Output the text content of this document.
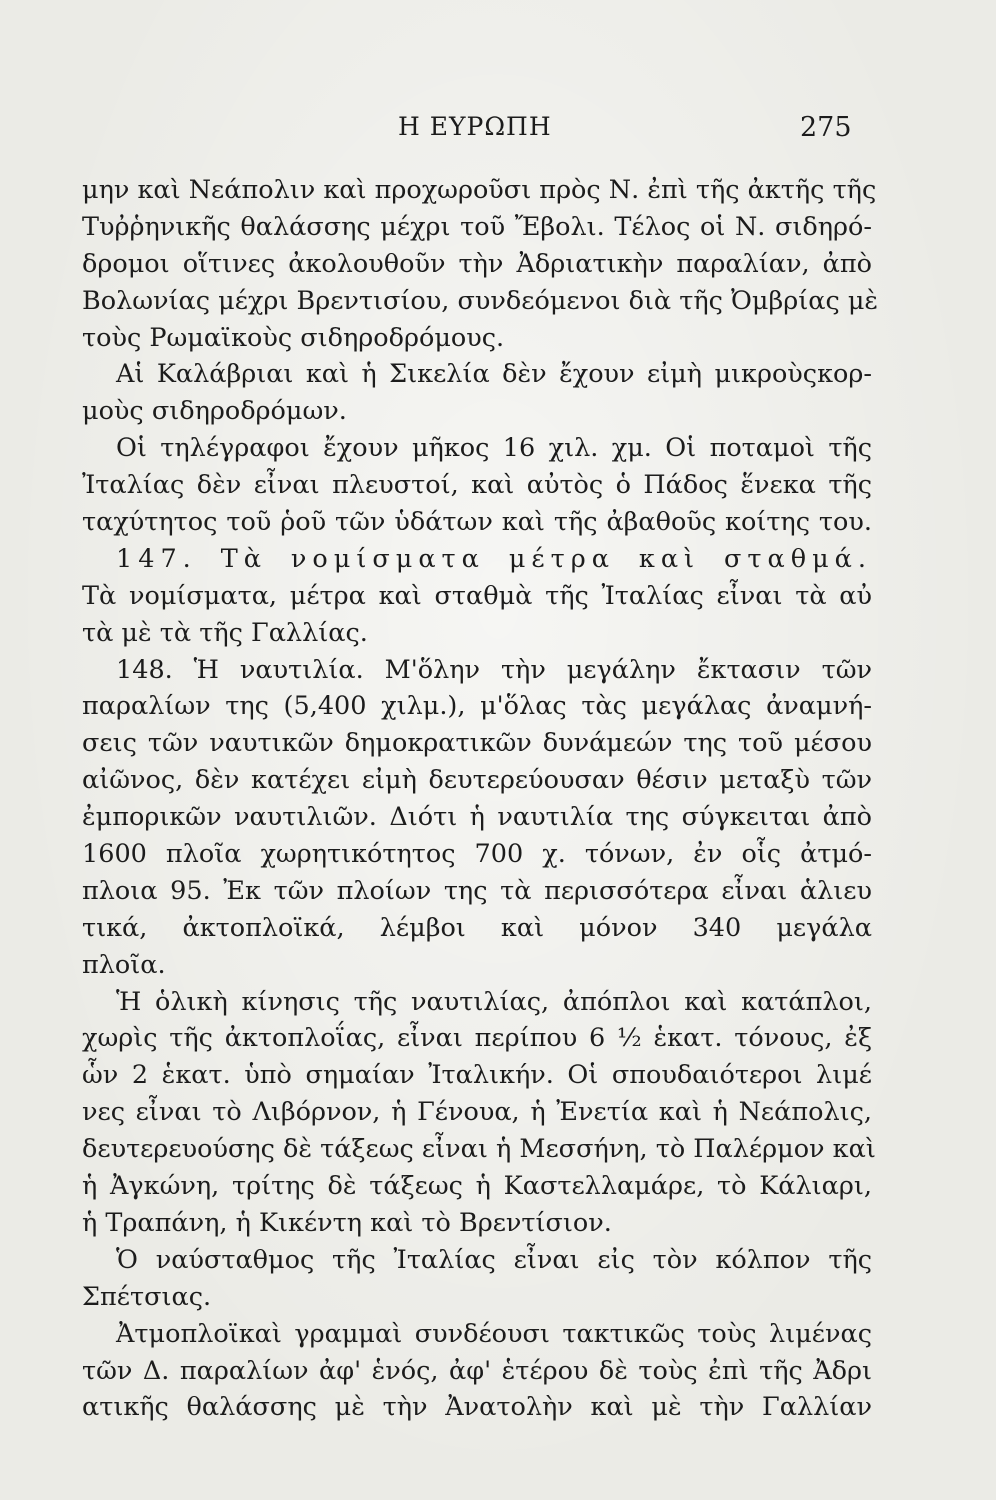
Η ΕΥΡΩΠΗ	275
μην καὶ Νεάπολιν καὶ προχωροῦσι πρὸς Ν. ἐπὶ τῆς ἀκτῆς τῆς
Τυῤῥηνικῆς θαλάσσης μέχρι τοῦ Ἔβολι. Τέλος οἱ Ν. σιδηρό-
δρομοι οἵτινες ἀκολουθοῦν τὴν Ἀδριατικὴν παραλίαν, ἀπὸ
Βολωνίας μέχρι Βρεντισίου, συνδεόμενοι διὰ τῆς Ὀμβρίας μὲ
τοὺς Ρωμαϊκοὺς σιδηροδρόμους.
Αἱ Καλάβριαι καὶ ἡ Σικελία δὲν ἔχουν εἰμὴ μικροὺςκορ-
μοὺς σιδηροδρόμων.
Οἱ τηλέγραφοι ἔχουν μῆκος 16 χιλ. χμ. Οἱ ποταμοὶ τῆς
Ἰταλίας δὲν εἶναι πλευστοί, καὶ αὐτὸς ὁ Πάδος ἕνεκα τῆς
ταχύτητος τοῦ ῥοῦ τῶν ὑδάτων καὶ τῆς ἀβαθοῦς κοίτης του.
147. Τὰ νομίσματα μέτρα καὶ σταθμά.
Τὰ νομίσματα, μέτρα καὶ σταθμὰ τῆς Ἰταλίας εἶναι τὰ αὐ
τὰ μὲ τὰ τῆς Γαλλίας.
148. Ἡ ναυτιλία. Μ'ὅλην τὴν μεγάλην ἔκτασιν τῶν
παραλίων της (5,400 χιλμ.), μ'ὅλας τὰς μεγάλας ἀναμνή-
σεις τῶν ναυτικῶν δημοκρατικῶν δυνάμεών της τοῦ μέσου
αἰῶνος, δὲν κατέχει εἰμὴ δευτερεύουσαν θέσιν μεταξὺ τῶν
ἐμπορικῶν ναυτιλιῶν. Διότι ἡ ναυτιλία της σύγκειται ἀπὸ
1600 πλοῖα χωρητικότητος 700 χ. τόνων, ἐν οἷς ἀτμό-
πλοια 95. Ἐκ τῶν πλοίων της τὰ περισσότερα εἶναι ἁλιευ
τικά, ἀκτοπλοϊκά, λέμβοι καὶ μόνον 340 μεγάλα
πλοῖα.
Ἡ ὁλικὴ κίνησις τῆς ναυτιλίας, ἀπόπλοι καὶ κατάπλοι,
χωρὶς τῆς ἀκτοπλοΐας, εἶναι περίπου 6 ½ ἑκατ. τόνους, ἐξ
ὧν 2 ἑκατ. ὑπὸ σημαίαν Ἰταλικήν. Οἱ σπουδαιότεροι λιμέ
νες εἶναι τὸ Λιβόρνον, ἡ Γένουα, ἡ Ἐνετία καὶ ἡ Νεάπολις,
δευτερευούσης δὲ τάξεως εἶναι ἡ Μεσσήνη, τὸ Παλέρμον καὶ
ἡ Ἀγκώνη, τρίτης δὲ τάξεως ἡ Καστελλαμάρε, τὸ Κάλιαρι,
ἡ Τραπάνη, ἡ Κικέντη καὶ τὸ Βρεντίσιον.
Ὁ ναύσταθμος τῆς Ἰταλίας εἶναι εἰς τὸν κόλπον τῆς
Σπέτσιας.
Ἀτμοπλοϊκαὶ γραμμαὶ συνδέουσι τακτικῶς τοὺς λιμένας
τῶν Δ. παραλίων ἀφ' ἑνός, ἀφ' ἑτέρου δὲ τοὺς ἐπὶ τῆς Ἀδρι
ατικῆς θαλάσσης μὲ τὴν Ἀνατολὴν καὶ μὲ τὴν Γαλλίαν
